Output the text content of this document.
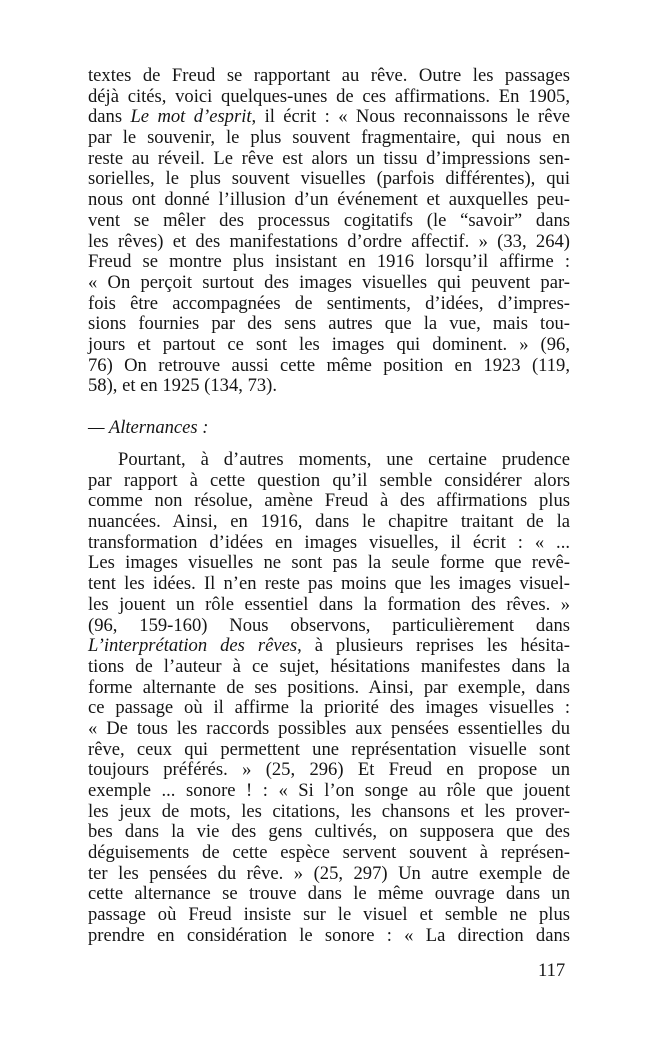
textes de Freud se rapportant au rêve. Outre les passages
déjà cités, voici quelques-unes de ces affirmations. En 1905,
dans Le mot d’esprit, il écrit : « Nous reconnaissons le rêve
par le souvenir, le plus souvent fragmentaire, qui nous en
reste au réveil. Le rêve est alors un tissu d’impressions sen-
sorielles, le plus souvent visuelles (parfois différentes), qui
nous ont donné l’illusion d’un événement et auxquelles peu-
vent se mêler des processus cogitatifs (le “savoir” dans
les rêves) et des manifestations d’ordre affectif. » (33, 264)
Freud se montre plus insistant en 1916 lorsqu’il affirme :
« On perçoit surtout des images visuelles qui peuvent par-
fois être accompagnées de sentiments, d’idées, d’impres-
sions fournies par des sens autres que la vue, mais tou-
jours et partout ce sont les images qui dominent. » (96,
76) On retrouve aussi cette même position en 1923 (119,
58), et en 1925 (134, 73).
— Alternances :
Pourtant, à d’autres moments, une certaine prudence
par rapport à cette question qu’il semble considérer alors
comme non résolue, amène Freud à des affirmations plus
nuancées. Ainsi, en 1916, dans le chapitre traitant de la
transformation d’idées en images visuelles, il écrit : « ...
Les images visuelles ne sont pas la seule forme que revê-
tent les idées. Il n’en reste pas moins que les images visuel-
les jouent un rôle essentiel dans la formation des rêves. »
(96, 159-160) Nous observons, particulièrement dans
L’interprétation des rêves, à plusieurs reprises les hésita-
tions de l’auteur à ce sujet, hésitations manifestes dans la
forme alternante de ses positions. Ainsi, par exemple, dans
ce passage où il affirme la priorité des images visuelles :
« De tous les raccords possibles aux pensées essentielles du
rêve, ceux qui permettent une représentation visuelle sont
toujours préférés. » (25, 296) Et Freud en propose un
exemple ... sonore ! : « Si l’on songe au rôle que jouent
les jeux de mots, les citations, les chansons et les prover-
bes dans la vie des gens cultivés, on supposera que des
déguisements de cette espèce servent souvent à représen-
ter les pensées du rêve. » (25, 297) Un autre exemple de
cette alternance se trouve dans le même ouvrage dans un
passage où Freud insiste sur le visuel et semble ne plus
prendre en considération le sonore : « La direction dans
117
